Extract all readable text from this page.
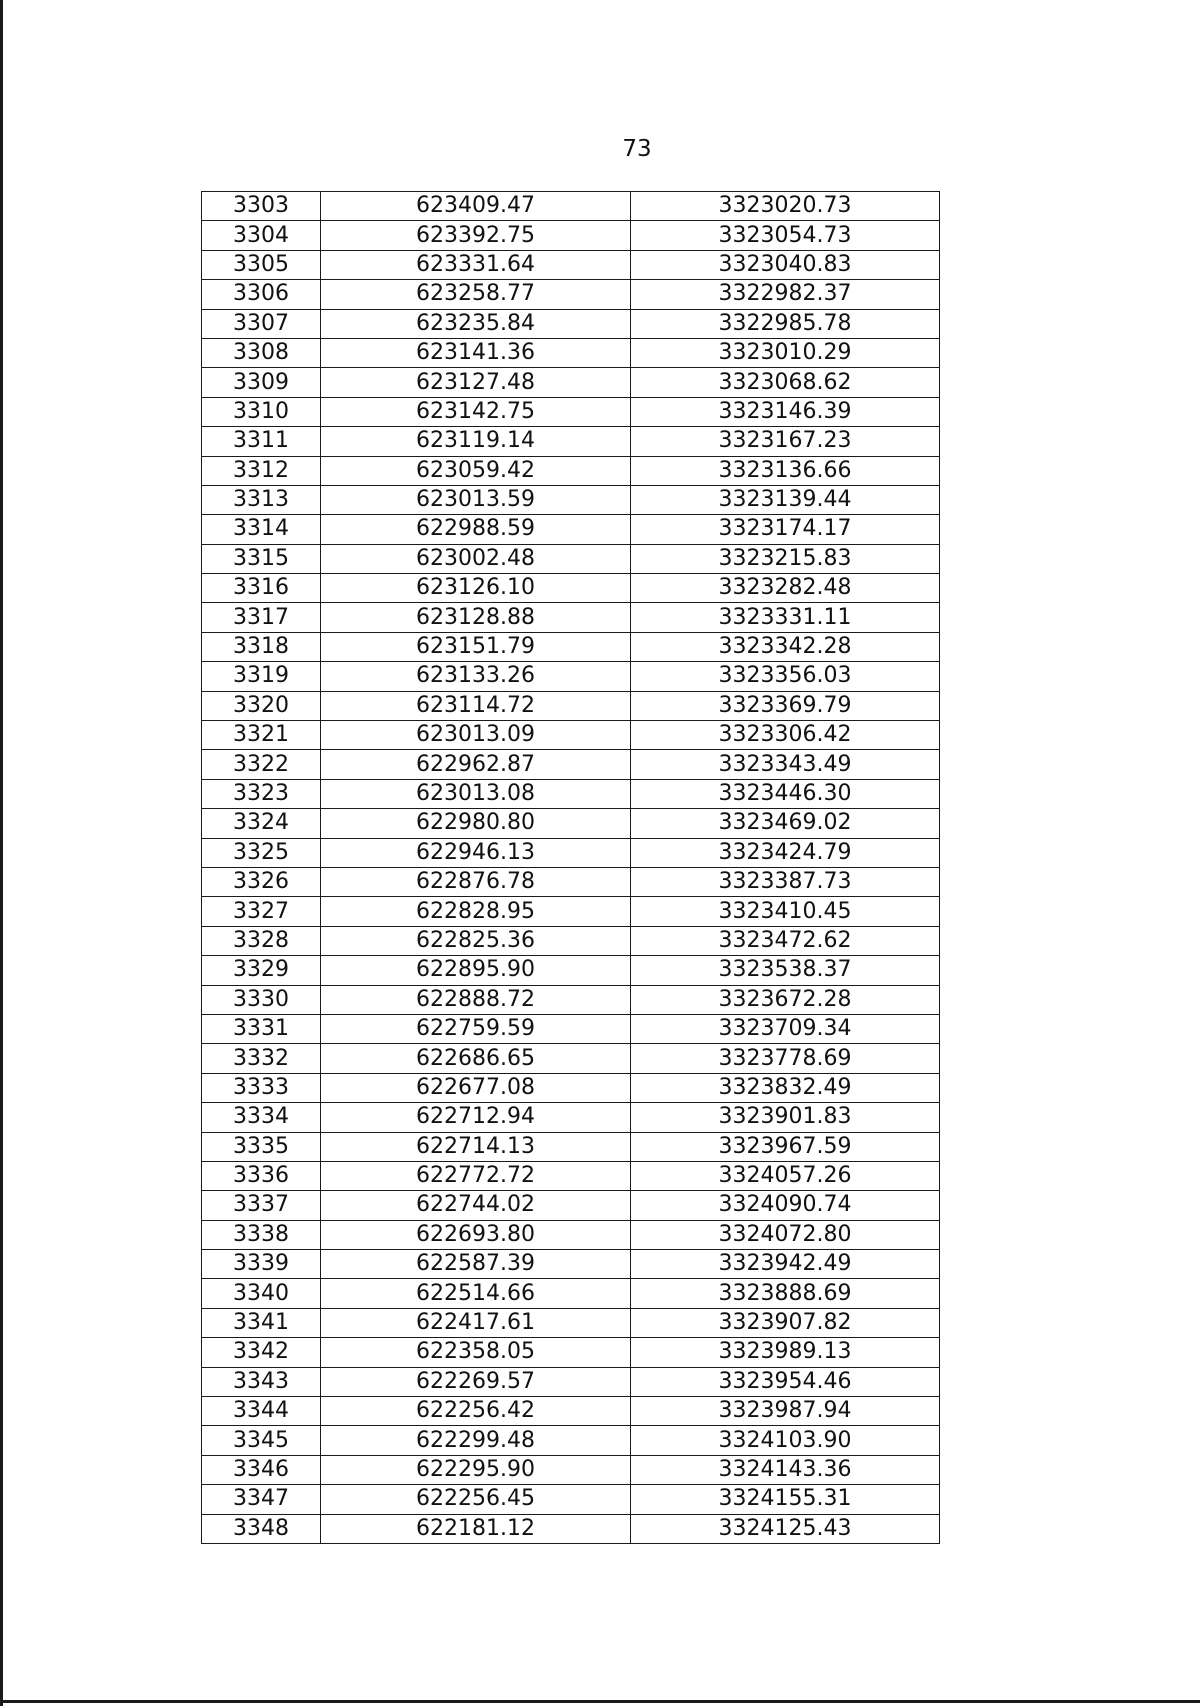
73
3303	623409.47	3323020.73
3304	623392.75	3323054.73
3305	623331.64	3323040.83
3306	623258.77	3322982.37
3307	623235.84	3322985.78
3308	623141.36	3323010.29
3309	623127.48	3323068.62
3310	623142.75	3323146.39
3311	623119.14	3323167.23
3312	623059.42	3323136.66
3313	623013.59	3323139.44
3314	622988.59	3323174.17
3315	623002.48	3323215.83
3316	623126.10	3323282.48
3317	623128.88	3323331.11
3318	623151.79	3323342.28
3319	623133.26	3323356.03
3320	623114.72	3323369.79
3321	623013.09	3323306.42
3322	622962.87	3323343.49
3323	623013.08	3323446.30
3324	622980.80	3323469.02
3325	622946.13	3323424.79
3326	622876.78	3323387.73
3327	622828.95	3323410.45
3328	622825.36	3323472.62
3329	622895.90	3323538.37
3330	622888.72	3323672.28
3331	622759.59	3323709.34
3332	622686.65	3323778.69
3333	622677.08	3323832.49
3334	622712.94	3323901.83
3335	622714.13	3323967.59
3336	622772.72	3324057.26
3337	622744.02	3324090.74
3338	622693.80	3324072.80
3339	622587.39	3323942.49
3340	622514.66	3323888.69
3341	622417.61	3323907.82
3342	622358.05	3323989.13
3343	622269.57	3323954.46
3344	622256.42	3323987.94
3345	622299.48	3324103.90
3346	622295.90	3324143.36
3347	622256.45	3324155.31
3348	622181.12	3324125.43
